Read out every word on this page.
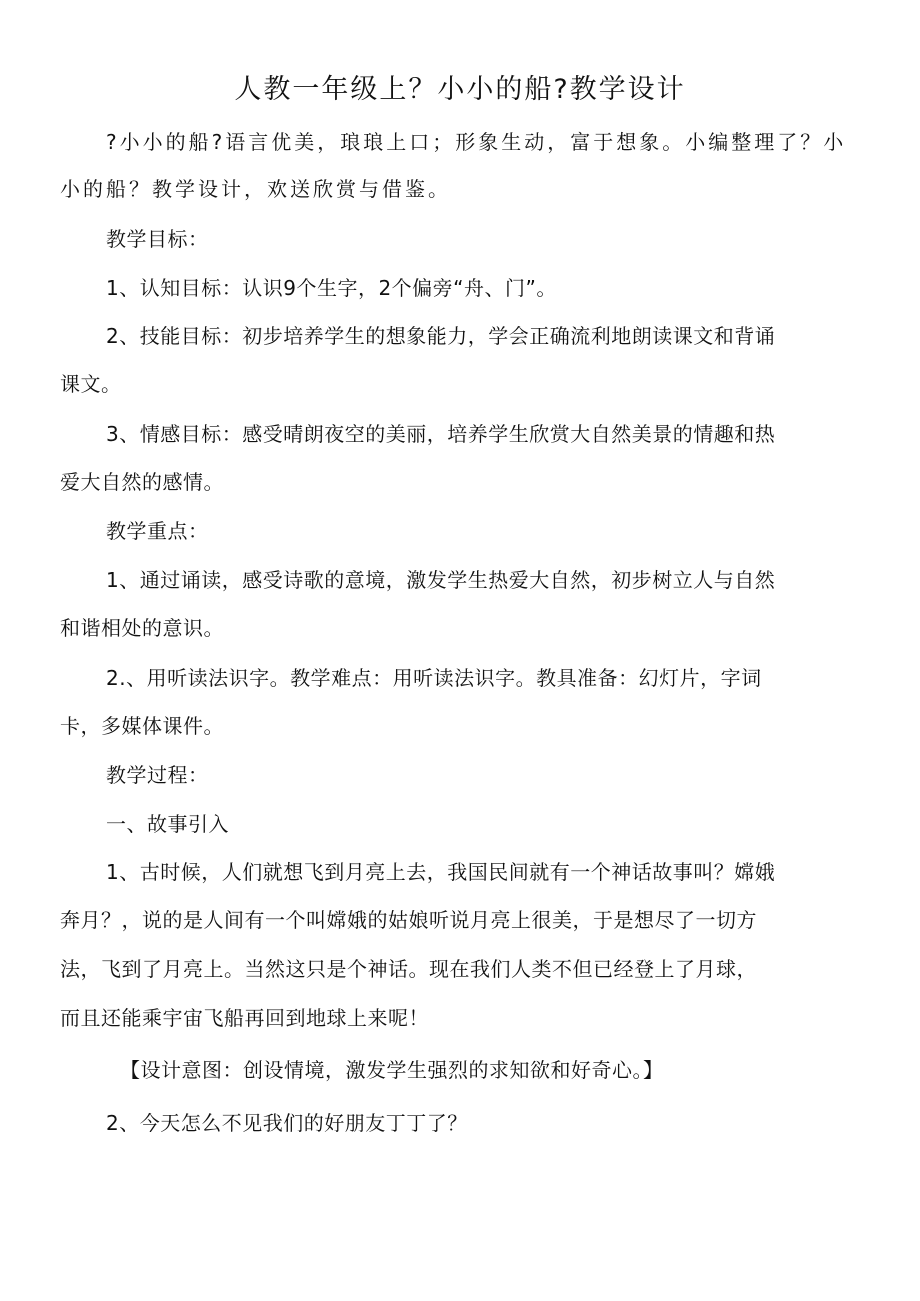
人教一年级上？小小的船?教学设计
?小小的船?语言优美，琅琅上口；形象生动，富于想象。小编整理了？小
小的船？教学设计，欢送欣赏与借鉴。
教学目标：
1、认知目标：认识9个生字，2个偏旁“舟、门”。
2、技能目标：初步培养学生的想象能力，学会正确流利地朗读课文和背诵
课文。
3、情感目标：感受晴朗夜空的美丽，培养学生欣赏大自然美景的情趣和热
爱大自然的感情。
教学重点：
1、通过诵读，感受诗歌的意境，激发学生热爱大自然，初步树立人与自然
和谐相处的意识。
2.、用听读法识字。教学难点：用听读法识字。教具准备：幻灯片，字词
卡，多媒体课件。
教学过程：
一、故事引入
1、古时候，人们就想飞到月亮上去，我国民间就有一个神话故事叫？嫦娥
奔月？，说的是人间有一个叫嫦娥的姑娘听说月亮上很美，于是想尽了一切方
法，飞到了月亮上。当然这只是个神话。现在我们人类不但已经登上了月球，
而且还能乘宇宙飞船再回到地球上来呢！
【设计意图：创设情境，激发学生强烈的求知欲和好奇心。】
2、今天怎么不见我们的好朋友丁丁了？
